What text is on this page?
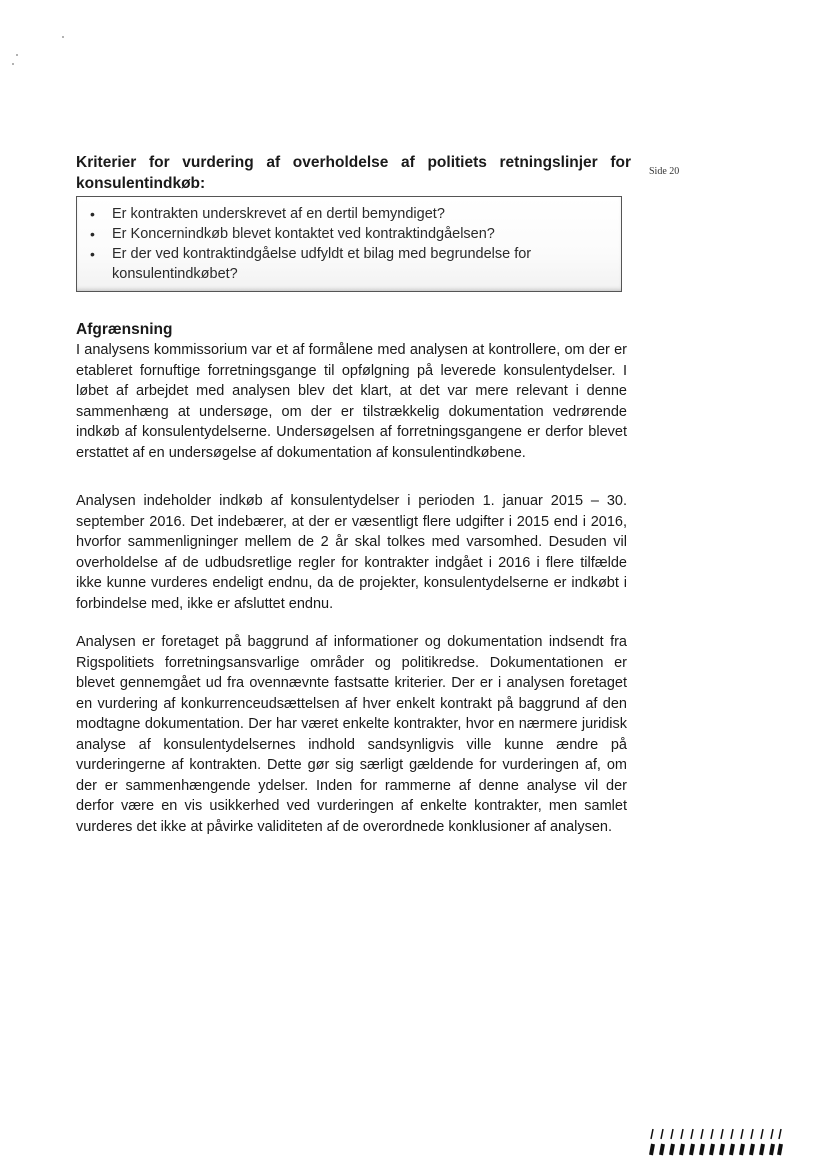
Kriterier for vurdering af overholdelse af politiets retningslinjer for konsulentindkøb:
Side 20
• Er kontrakten underskrevet af en dertil bemyndiget?
• Er Koncernindkøb blevet kontaktet ved kontraktindgåelsen?
• Er der ved kontraktindgåelse udfyldt et bilag med begrundelse for konsulentindkøbet?
Afgrænsning

I analysens kommissorium var et af formålene med analysen at kontrollere, om der er etableret fornuftige forretningsgange til opfølgning på leverede konsulentydelser. I løbet af arbejdet med analysen blev det klart, at det var mere relevant i denne sammenhæng at undersøge, om der er tilstrækkelig dokumentation vedrørende indkøb af konsulentydelserne. Undersøgelsen af forretningsgangene er derfor blevet erstattet af en undersøgelse af dokumentation af konsulentindkøbene.

Analysen indeholder indkøb af konsulentydelser i perioden 1. januar 2015 – 30. september 2016. Det indebærer, at der er væsentligt flere udgifter i 2015 end i 2016, hvorfor sammenligninger mellem de 2 år skal tolkes med varsomhed. Desuden vil overholdelse af de udbudsretlige regler for kontrakter indgået i 2016 i flere tilfælde ikke kunne vurderes endeligt endnu, da de projekter, konsulentydelserne er indkøbt i forbindelse med, ikke er afsluttet endnu.

Analysen er foretaget på baggrund af informationer og dokumentation indsendt fra Rigspolitiets forretningsansvarlige områder og politikredse. Dokumentationen er blevet gennemgået ud fra ovennævnte fastsatte kriterier. Der er i analysen foretaget en vurdering af konkurrenceudsættelsen af hver enkelt kontrakt på baggrund af den modtagne dokumentation. Der har været enkelte kontrakter, hvor en nærmere juridisk analyse af konsulentydelsernes indhold sandsynligvis ville kunne ændre på vurderingerne af kontrakten. Dette gør sig særligt gældende for vurderingen af, om der er sammenhængende ydelser. Inden for rammerne af denne analyse vil der derfor være en vis usikkerhed ved vurderingen af enkelte kontrakter, men samlet vurderes det ikke at påvirke validiteten af de overordnede konklusioner af analysen.
